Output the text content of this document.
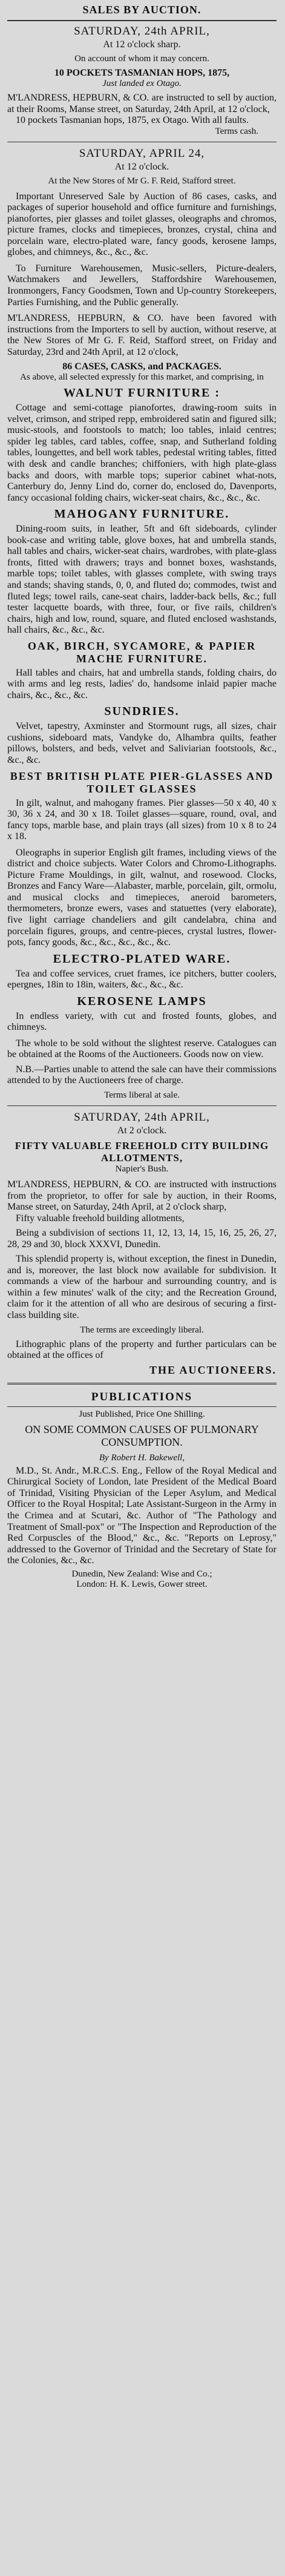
SALES BY AUCTION.
SATURDAY, 24th APRIL,
At 12 o'clock sharp.
On account of whom it may concern.
10 POCKETS TASMANIAN HOPS, 1875,
Just landed ex Otago.
M'LANDRESS, HEPBURN, & CO. are instructed to sell by auction, at their Rooms, Manse street, on Saturday, 24th April, at 12 o'clock,
10 pockets Tasmanian hops, 1875, ex Otago. With all faults.
Terms cash.
SATURDAY, APRIL 24,
At 12 o'clock.
At the New Stores of Mr G. F. Reid, Stafford street.
Important Unreserved Sale by Auction of 86 cases, casks, and packages of superior household and office furniture and furnishings, pianofortes, pier glasses and toilet glasses, oleographs and chromos, picture frames, clocks and timepieces, bronzes, crystal, china and porcelain ware, electro-plated ware, fancy goods, kerosene lamps, globes, and chimneys, &c., &c., &c.
To Furniture Warehousemen, Music-sellers, Picture-dealers, Watchmakers and Jewellers, Staffordshire Warehousemen, Ironmongers, Fancy Goodsmen, Town and Up-country Storekeepers, Parties Furnishing, and the Public generally.
M'LANDRESS, HEPBURN, & CO. have been favored with instructions from the Importers to sell by auction, without reserve, at the New Stores of Mr G. F. Reid, Stafford street, on Friday and Saturday, 23rd and 24th April, at 12 o'clock,
86 CASES, CASKS, and PACKAGES.
As above, all selected expressly for this market, and comprising, in
WALNUT FURNITURE :
Cottage and semi-cottage pianofortes, drawing-room suits in velvet, crimson, and striped repp, embroidered satin and figured silk; music-stools, and footstools to match; loo tables, inlaid centres; spider leg tables, card tables, coffee, snap, and Sutherland folding tables, loungettes, and bell work tables, pedestal writing tables, fitted with desk and candle branches; chiffoniers, with high plate-glass backs and doors, with marble tops; superior cabinet what-nots, Canterbury do, Jenny Lind do, corner do, enclosed do, Davenports, fancy occasional folding chairs, wicker-seat chairs, &c., &c., &c.
MAHOGANY FURNITURE.
Dining-room suits, in leather, 5ft and 6ft sideboards, cylinder book-case and writing table, glove boxes, hat and umbrella stands, hall tables and chairs, wicker-seat chairs, wardrobes, with plate-glass fronts, fitted with drawers; trays and bonnet boxes, washstands, marble tops; toilet tables, with glasses complete, with swing trays and stands; shaving stands, 0, 0, and fluted do; commodes, twist and fluted legs; towel rails, cane-seat chairs, ladder-back bells, &c.; full tester lacquette boards, with three, four, or five rails, children's chairs, high and low, round, square, and fluted enclosed washstands, hall chairs, &c., &c., &c.
OAK, BIRCH, SYCAMORE, & PAPIER MACHE FURNITURE.
Hall tables and chairs, hat and umbrella stands, folding chairs, do with arms and leg rests, ladies' do, handsome inlaid papier mache chairs, &c., &c., &c.
SUNDRIES.
Velvet, tapestry, Axminster and Stormount rugs, all sizes, chair cushions, sideboard mats, Vandyke do, Alhambra quilts, feather pillows, bolsters, and beds, velvet and Saliviarian footstools, &c., &c., &c.
BEST BRITISH PLATE PIER-GLASSES AND TOILET GLASSES
In gilt, walnut, and mahogany frames. Pier glasses—50 x 40, 40 x 30, 36 x 24, and 30 x 18. Toilet glasses—square, round, oval, and fancy tops, marble base, and plain trays (all sizes) from 10 x 8 to 24 x 18.
Oleographs in superior English gilt frames, including views of the district and choice subjects. Water Colors and Chromo-Lithographs. Picture Frame Mouldings, in gilt, walnut, and rosewood. Clocks, Bronzes and Fancy Ware—Alabaster, marble, porcelain, gilt, ormolu, and musical clocks and timepieces, aneroid barometers, thermometers, bronze ewers, vases and statuettes (very elaborate), five light carriage chandeliers and gilt candelabra, china and porcelain figures, groups, and centre-pieces, crystal lustres, flower-pots, fancy goods, &c., &c., &c., &c., &c.
ELECTRO-PLATED WARE.
Tea and coffee services, cruet frames, ice pitchers, butter coolers, epergnes, 18in to 18in, waiters, &c., &c., &c.
KEROSENE LAMPS
In endless variety, with cut and frosted founts, globes, and chimneys.
The whole to be sold without the slightest reserve. Catalogues can be obtained at the Rooms of the Auctioneers. Goods now on view.
N.B.—Parties unable to attend the sale can have their commissions attended to by the Auctioneers free of charge.
Terms liberal at sale.
SATURDAY, 24th APRIL,
At 2 o'clock.
FIFTY VALUABLE FREEHOLD CITY BUILDING ALLOTMENTS,
Napier's Bush.
M'LANDRESS, HEPBURN, & CO. are instructed with instructions from the proprietor, to offer for sale by auction, in their Rooms, Manse street, on Saturday, 24th April, at 2 o'clock sharp,
Fifty valuable freehold building allotments,
Being a subdivision of sections 11, 12, 13, 14, 15, 16, 25, 26, 27, 28, 29 and 30, block XXXVI, Dunedin.
This splendid property is, without exception, the finest in Dunedin, and is, moreover, the last block now available for subdivision. It commands a view of the harbour and surrounding country, and is within a few minutes' walk of the city; and the Recreation Ground, claim for it the attention of all who are desirous of securing a first-class building site.
The terms are exceedingly liberal.
Lithographic plans of the property and further particulars can be obtained at the offices of
THE AUCTIONEERS.
PUBLICATIONS
Just Published, Price One Shilling.
ON SOME COMMON CAUSES OF PULMONARY CONSUMPTION.
By Robert H. Bakewell,
M.D., St. Andr., M.R.C.S. Eng., Fellow of the Royal Medical and Chirurgical Society of London, late President of the Medical Board of Trinidad, Visiting Physician of the Leper Asylum, and Medical Officer to the Royal Hospital; Late Assistant-Surgeon in the Army in the Crimea and at Scutari, &c. Author of "The Pathology and Treatment of Small-pox" or "The Inspection and Reproduction of the Red Corpuscles of the Blood," &c., &c. "Reports on Leprosy," addressed to the Governor of Trinidad and the Secretary of State for the Colonies, &c., &c.
Dunedin, New Zealand: Wise and Co.;
London: H. K. Lewis, Gower street.
